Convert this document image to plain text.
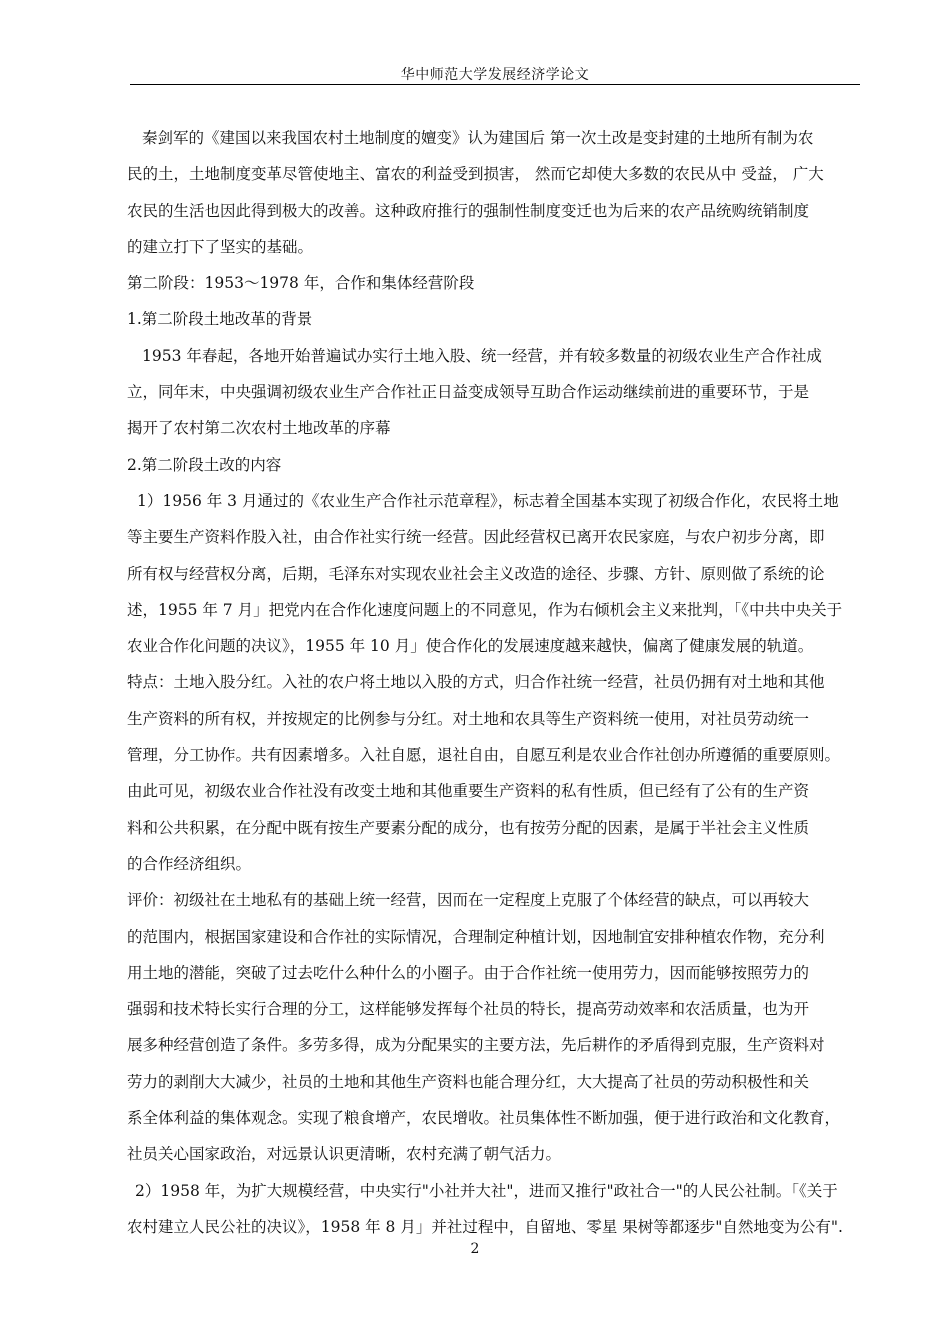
华中师范大学发展经济学论文
秦剑军的《建国以来我国农村土地制度的嬗变》认为建国后 第一次土改是变封建的土地所有制为农
民的土，土地制度变革尽管使地主、富农的利益受到损害， 然而它却使大多数的农民从中 受益， 广大
农民的生活也因此得到极大的改善。这种政府推行的强制性制度变迁也为后来的农产品统购统销制度
的建立打下了坚实的基础。
第二阶段：1953～1978 年，合作和集体经营阶段
1.第二阶段土地改革的背景
1953 年春起，各地开始普遍试办实行土地入股、统一经营，并有较多数量的初级农业生产合作社成
立，同年末，中央强调初级农业生产合作社正日益变成领导互助合作运动继续前进的重要环节，于是
揭开了农村第二次农村土地改革的序幕
2.第二阶段土改的内容
1）1956 年 3 月通过的《农业生产合作社示范章程》，标志着全国基本实现了初级合作化，农民将土地
等主要生产资料作股入社，由合作社实行统一经营。因此经营权已离开农民家庭，与农户初步分离，即
所有权与经营权分离，后期，毛泽东对实现农业社会主义改造的途径、步骤、方针、原则做了系统的论
述，1955 年 7 月」把党内在合作化速度问题上的不同意见，作为右倾机会主义来批判，「《中共中央关于
农业合作化问题的决议》，1955 年 10 月」使合作化的发展速度越来越快，偏离了健康发展的轨道。
特点：土地入股分红。入社的农户将土地以入股的方式，归合作社统一经营，社员仍拥有对土地和其他
生产资料的所有权，并按规定的比例参与分红。对土地和农具等生产资料统一使用，对社员劳动统一
管理，分工协作。共有因素增多。入社自愿，退社自由，自愿互利是农业合作社创办所遵循的重要原则。
由此可见，初级农业合作社没有改变土地和其他重要生产资料的私有性质，但已经有了公有的生产资
料和公共积累，在分配中既有按生产要素分配的成分，也有按劳分配的因素，是属于半社会主义性质
的合作经济组织。
评价：初级社在土地私有的基础上统一经营，因而在一定程度上克服了个体经营的缺点，可以再较大
的范围内，根据国家建设和合作社的实际情况，合理制定种植计划，因地制宜安排种植农作物，充分利
用土地的潜能，突破了过去吃什么种什么的小圈子。由于合作社统一使用劳力，因而能够按照劳力的
强弱和技术特长实行合理的分工，这样能够发挥每个社员的特长，提高劳动效率和农活质量，也为开
展多种经营创造了条件。多劳多得，成为分配果实的主要方法，先后耕作的矛盾得到克服，生产资料对
劳力的剥削大大减少，社员的土地和其他生产资料也能合理分红，大大提高了社员的劳动积极性和关
系全体利益的集体观念。实现了粮食增产，农民增收。社员集体性不断加强，便于进行政治和文化教育，
社员关心国家政治，对远景认识更清晰，农村充满了朝气活力。
2）1958 年，为扩大规模经营，中央实行"小社并大社"，进而又推行"政社合一"的人民公社制。「《关于
农村建立人民公社的决议》，1958 年 8 月」并社过程中，自留地、零星 果树等都逐步"自然地变为公有".
2
